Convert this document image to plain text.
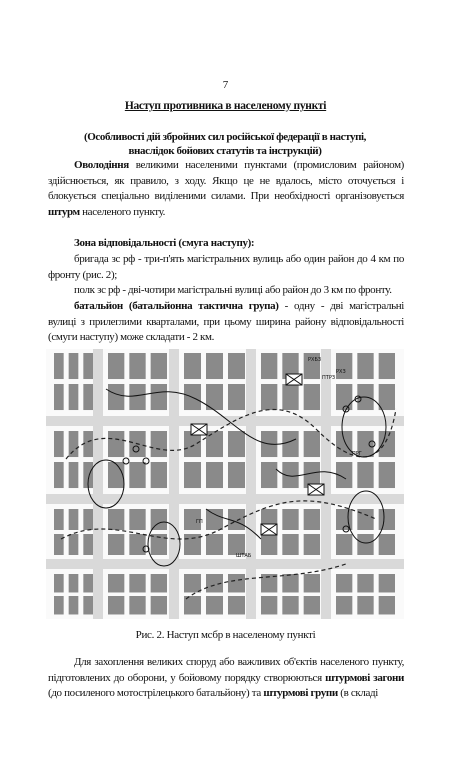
7
Наступ противника в населеному пункті
(Особливості дій збройних сил російської федерації в наступі, внаслідок бойових статутів та інструкцій)
Оволодіння великими населеними пунктами (промисловим районом) здійснюється, як правило, з ходу. Якщо це не вдалось, місто оточується і блокується спеціально виділеними силами. При необхідності організовується штурм населеного пункту.
Зона відповідальності (смуга наступу):
бригада зс рф - три-п'ять магістральних вулиць або один район до 4 км по фронту (рис. 2);
полк зс рф - дві-чотири магістральні вулиці або район до 3 км по фронту.
батальйон (батальйонна тактична група) - одну - дві магістральні вулиці з прилеглими кварталами, при цьому ширина району відповідальності (смуги наступу) може складати - 2 км.
РХБЗ
РХЗ
ПТРЗ
ПРГ
ШТАБ
ГП
Рис. 2. Наступ мсбр в населеному пункті
Для захоплення великих споруд або важливих об'єктів населеного пункту, підготовлених до оборони, у бойовому порядку створюються штурмові загони (до посиленого мотострілецького батальйону) та штурмові групи (в складі
